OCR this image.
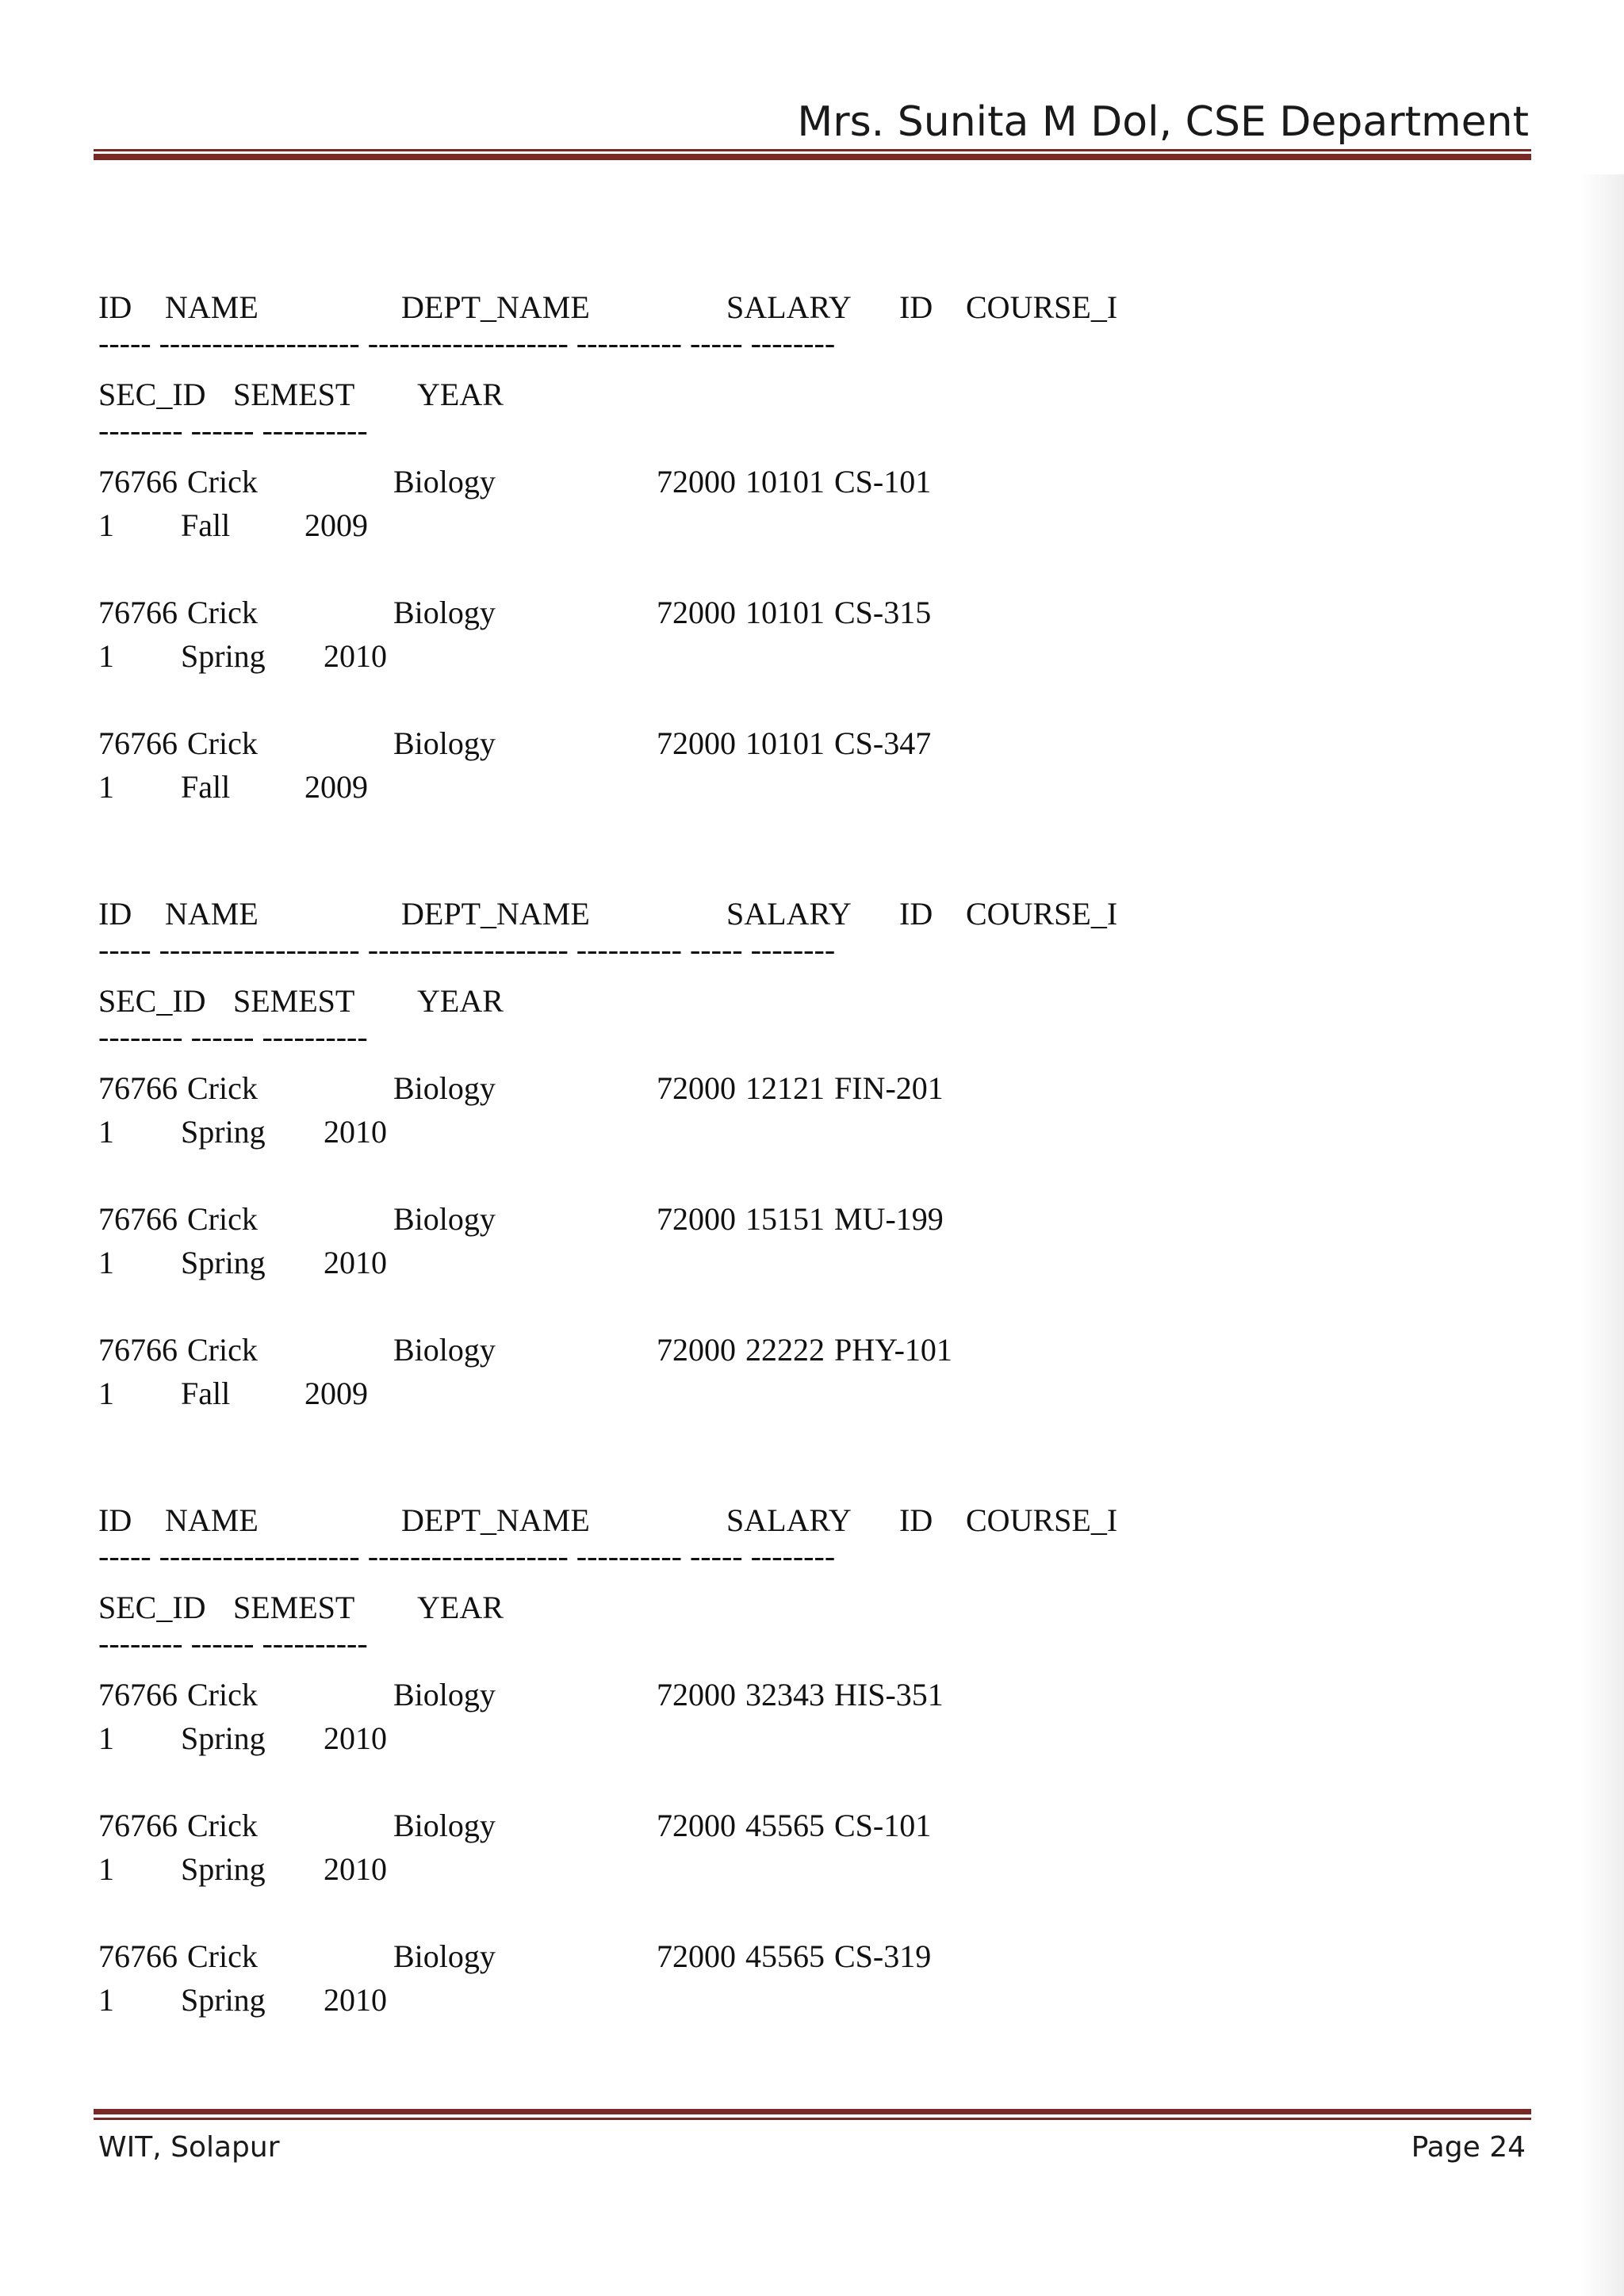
Mrs. Sunita M Dol, CSE Department
ID NAME	DEPT_NAME	SALARY ID COURSE_I
----- ------------------- ------------------- ---------- ----- --------
SEC_ID SEMEST YEAR
-------- ------ ----------
76766 Crick	Biology	72000 10101 CS-101
1 Fall 2009
76766 Crick	Biology	72000 10101 CS-315
1 Spring 2010
76766 Crick	Biology	72000 10101 CS-347
1 Fall 2009
ID NAME	DEPT_NAME	SALARY ID COURSE_I
----- ------------------- ------------------- ---------- ----- --------
SEC_ID SEMEST YEAR
-------- ------ ----------
76766 Crick	Biology	72000 12121 FIN-201
1 Spring 2010
76766 Crick	Biology	72000 15151 MU-199
1 Spring 2010
76766 Crick	Biology	72000 22222 PHY-101
1 Fall 2009
ID NAME	DEPT_NAME	SALARY ID COURSE_I
----- ------------------- ------------------- ---------- ----- --------
SEC_ID SEMEST YEAR
-------- ------ ----------
76766 Crick	Biology	72000 32343 HIS-351
1 Spring 2010
76766 Crick	Biology	72000 45565 CS-101
1 Spring 2010
76766 Crick	Biology	72000 45565 CS-319
1 Spring 2010
WIT, Solapur	Page 24
